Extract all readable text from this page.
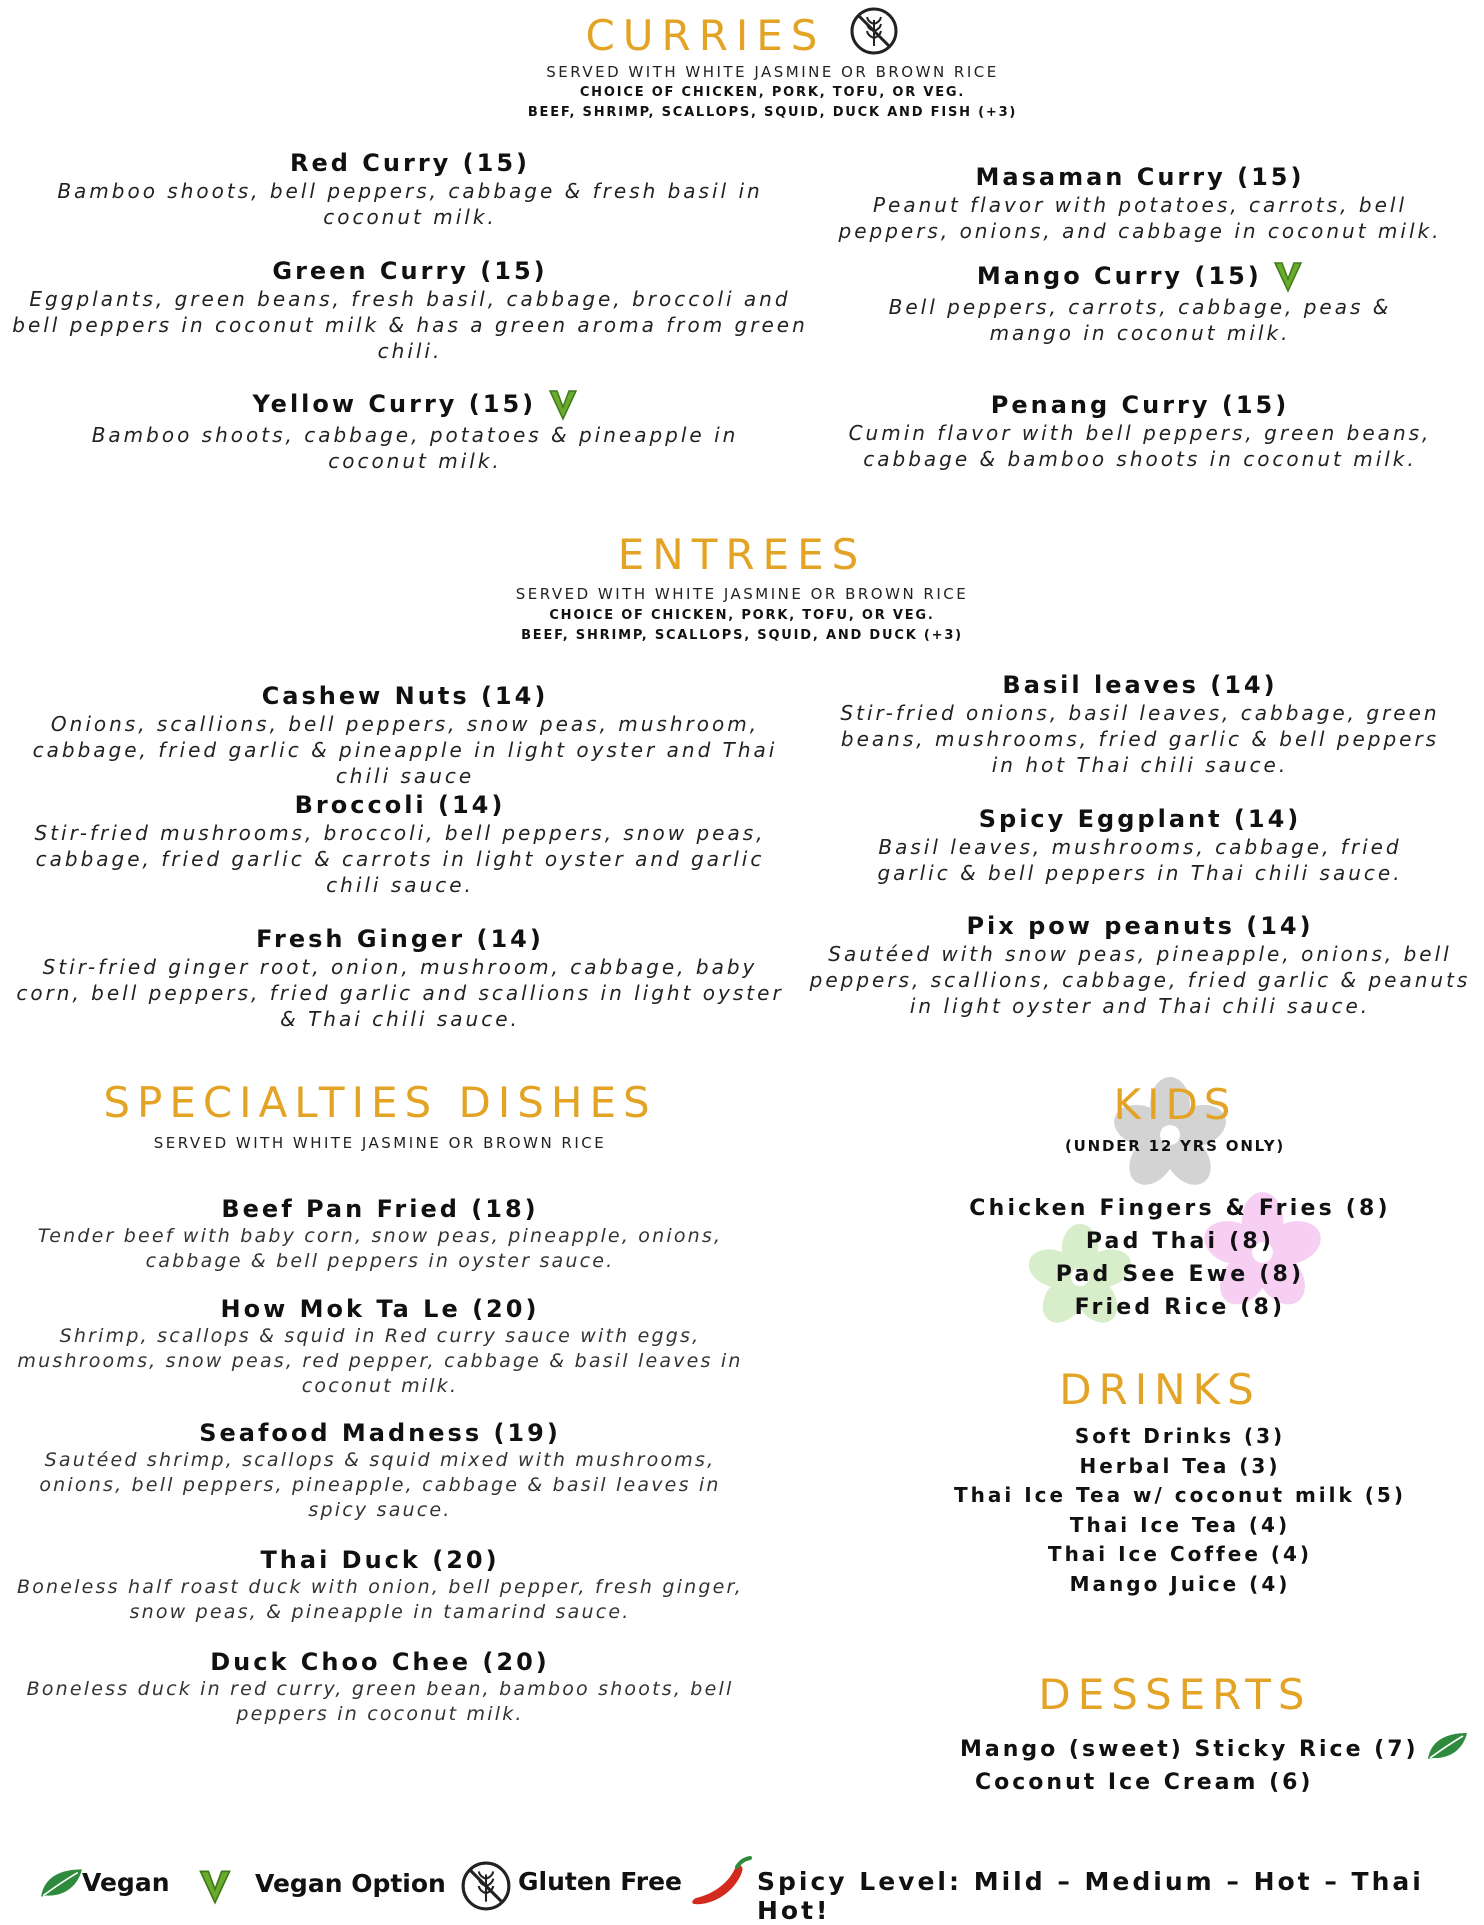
CURRIES
SERVED WITH WHITE JASMINE OR BROWN RICE
CHOICE OF CHICKEN, PORK, TOFU, OR VEG.
BEEF, SHRIMP, SCALLOPS, SQUID, DUCK AND FISH (+3)
Red Curry (15)
Bamboo shoots, bell peppers, cabbage & fresh basil in coconut milk.
Green Curry (15)
Eggplants, green beans, fresh basil, cabbage, broccoli and bell peppers in coconut milk & has a green aroma from green chili.
Yellow Curry (15)
Bamboo shoots, cabbage, potatoes & pineapple in coconut milk.
Masaman Curry (15)
Peanut flavor with potatoes, carrots, bell peppers, onions, and cabbage in coconut milk.
Mango Curry (15)
Bell peppers, carrots, cabbage, peas & mango in coconut milk.
Penang Curry (15)
Cumin flavor with bell peppers, green beans, cabbage & bamboo shoots in coconut milk.
ENTREES
SERVED WITH WHITE JASMINE OR BROWN RICE
CHOICE OF CHICKEN, PORK, TOFU, OR VEG.
BEEF, SHRIMP, SCALLOPS, SQUID, AND DUCK (+3)
Cashew Nuts (14)
Onions, scallions, bell peppers, snow peas, mushroom, cabbage, fried garlic & pineapple in light oyster and Thai chili sauce
Broccoli (14)
Stir-fried mushrooms, broccoli, bell peppers, snow peas, cabbage, fried garlic & carrots in light oyster and garlic chili sauce.
Fresh Ginger (14)
Stir-fried ginger root, onion, mushroom, cabbage, baby corn, bell peppers, fried garlic and scallions in light oyster & Thai chili sauce.
Basil leaves (14)
Stir-fried onions, basil leaves, cabbage, green beans, mushrooms, fried garlic & bell peppers in hot Thai chili sauce.
Spicy Eggplant (14)
Basil leaves, mushrooms, cabbage, fried garlic & bell peppers in Thai chili sauce.
Pix pow peanuts (14)
Sautéed with snow peas, pineapple, onions, bell peppers, scallions, cabbage, fried garlic & peanuts in light oyster and Thai chili sauce.
SPECIALTIES DISHES
SERVED WITH WHITE JASMINE OR BROWN RICE
Beef Pan Fried (18)
Tender beef with baby corn, snow peas, pineapple, onions, cabbage & bell peppers in oyster sauce.
How Mok Ta Le (20)
Shrimp, scallops & squid in Red curry sauce with eggs, mushrooms, snow peas, red pepper, cabbage & basil leaves in coconut milk.
Seafood Madness (19)
Sautéed shrimp, scallops & squid mixed with mushrooms, onions, bell peppers, pineapple, cabbage & basil leaves in spicy sauce.
Thai Duck (20)
Boneless half roast duck with onion, bell pepper, fresh ginger, snow peas, & pineapple in tamarind sauce.
Duck Choo Chee (20)
Boneless duck in red curry, green bean, bamboo shoots, bell peppers in coconut milk.
KIDS
(UNDER 12 YRS ONLY)
Chicken Fingers & Fries (8)
Pad Thai (8)
Pad See Ewe (8)
Fried Rice (8)
DRINKS
Soft Drinks (3)
Herbal Tea (3)
Thai Ice Tea w/ coconut milk (5)
Thai Ice Tea (4)
Thai Ice Coffee (4)
Mango Juice (4)
DESSERTS
Mango (sweet) Sticky Rice (7)
Coconut Ice Cream (6)
Vegan	Vegan Option	Gluten Free	Spicy Level: Mild – Medium – Hot – Thai Hot!
